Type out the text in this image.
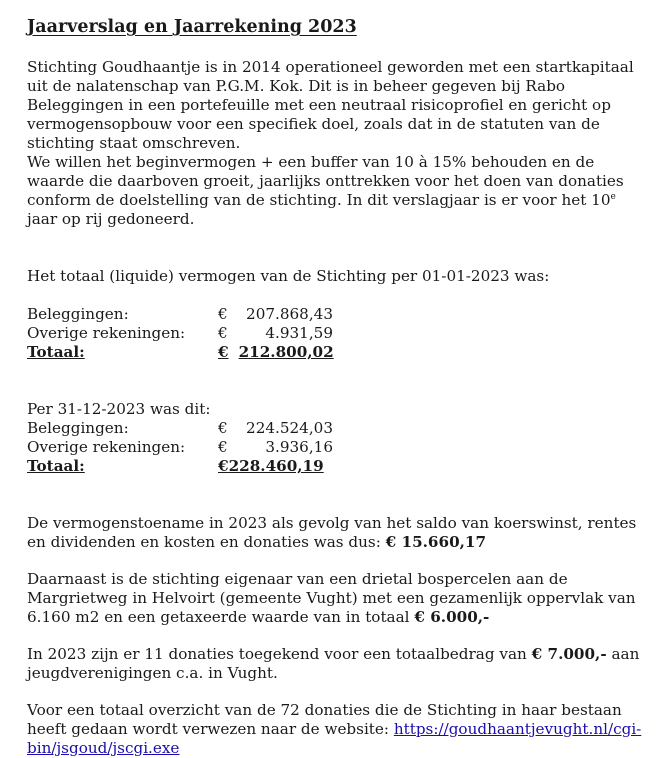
Jaarverslag en Jaarrekening 2023

Stichting Goudhaantje is in 2014 operationeel geworden met een startkapitaal uit de nalatenschap van P.G.M. Kok. Dit is in beheer gegeven bij Rabo Beleggingen in een portefeuille met een neutraal risicoprofiel en gericht op vermogensopbouw voor een specifiek doel, zoals dat in de statuten van de stichting staat omschreven.
We willen het beginvermogen + een buffer van 10 à 15% behouden en de waarde die daarboven groeit, jaarlijks onttrekken voor het doen van donaties conform de doelstelling van de stichting. In dit verslagjaar is er voor het 10e jaar op rij gedoneerd.

Het totaal (liquide) vermogen van de Stichting per 01-01-2023 was:

Beleggingen:	€ 207.868,43
Overige rekeningen:	€ 4.931,59
Totaal:	€ 212.800,02

Per 31-12-2023 was dit:

Beleggingen:	€ 224.524,03
Overige rekeningen:	€ 3.936,16
Totaal:	€ 228.460,19

De vermogenstoename in 2023 als gevolg van het saldo van koerswinst, rentes en dividenden en kosten en donaties was dus: € 15.660,17

Daarnaast is de stichting eigenaar van een drietal bospercelen aan de Margrietweg in Helvoirt (gemeente Vught) met een gezamenlijk oppervlak van 6.160 m2 en een getaxeerde waarde van in totaal € 6.000,-

In 2023 zijn er 11 donaties toegekend voor een totaalbedrag van € 7.000,- aan jeugdverenigingen c.a. in Vught.

Voor een totaal overzicht van de 72 donaties die de Stichting in haar bestaan heeft gedaan wordt verwezen naar de website: https://goudhaantjevught.nl/cgi-bin/jsgoud/jscgi.exe
